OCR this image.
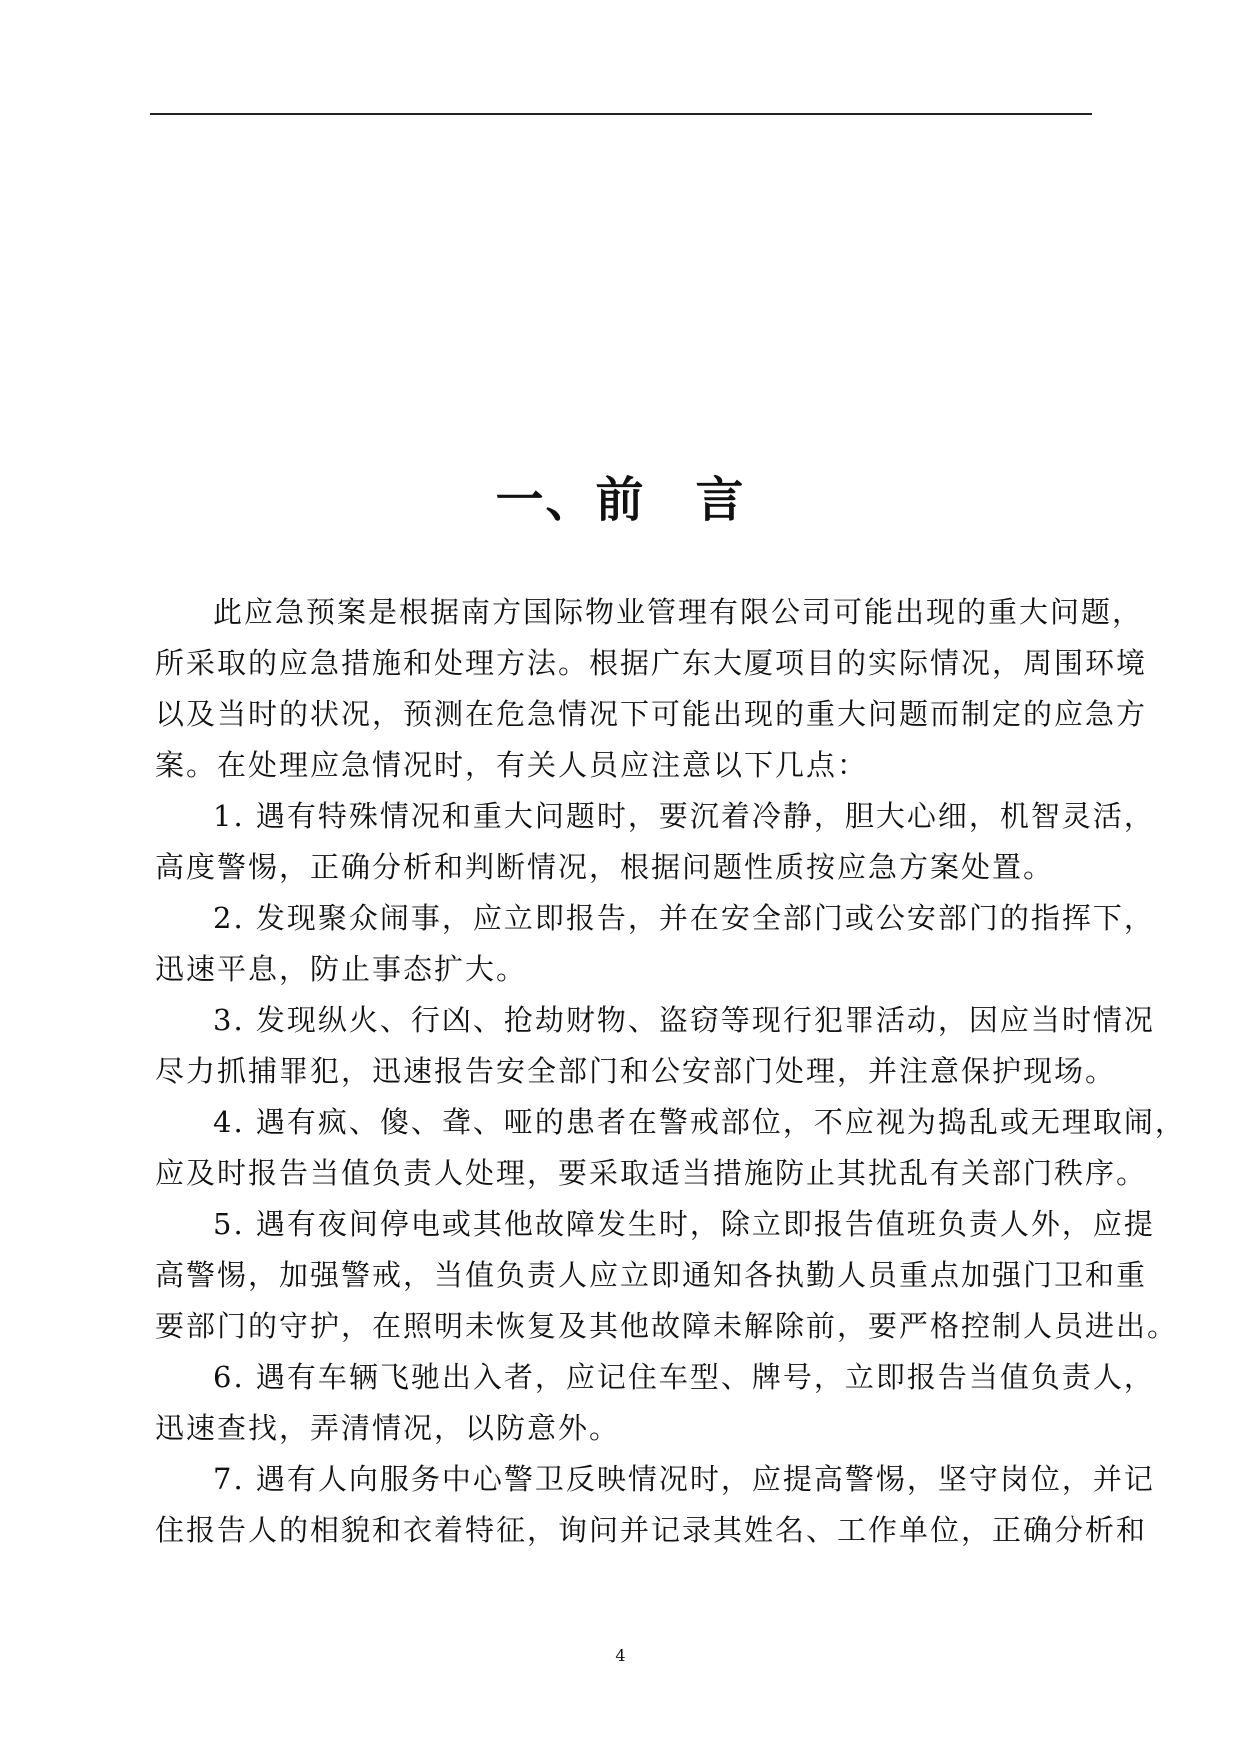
一、前　言
此应急预案是根据南方国际物业管理有限公司可能出现的重大问题，
所采取的应急措施和处理方法。根据广东大厦项目的实际情况，周围环境
以及当时的状况，预测在危急情况下可能出现的重大问题而制定的应急方
案。在处理应急情况时，有关人员应注意以下几点：
1. 遇有特殊情况和重大问题时，要沉着冷静，胆大心细，机智灵活，
高度警惕，正确分析和判断情况，根据问题性质按应急方案处置。
2. 发现聚众闹事，应立即报告，并在安全部门或公安部门的指挥下，
迅速平息，防止事态扩大。
3. 发现纵火、行凶、抢劫财物、盗窃等现行犯罪活动，因应当时情况
尽力抓捕罪犯，迅速报告安全部门和公安部门处理，并注意保护现场。
4. 遇有疯、傻、聋、哑的患者在警戒部位，不应视为捣乱或无理取闹，
应及时报告当值负责人处理，要采取适当措施防止其扰乱有关部门秩序。
5. 遇有夜间停电或其他故障发生时，除立即报告值班负责人外，应提
高警惕，加强警戒，当值负责人应立即通知各执勤人员重点加强门卫和重
要部门的守护，在照明未恢复及其他故障未解除前，要严格控制人员进出。
6. 遇有车辆飞驰出入者，应记住车型、牌号，立即报告当值负责人，
迅速查找，弄清情况，以防意外。
7. 遇有人向服务中心警卫反映情况时，应提高警惕，坚守岗位，并记
住报告人的相貌和衣着特征，询问并记录其姓名、工作单位，正确分析和
4
